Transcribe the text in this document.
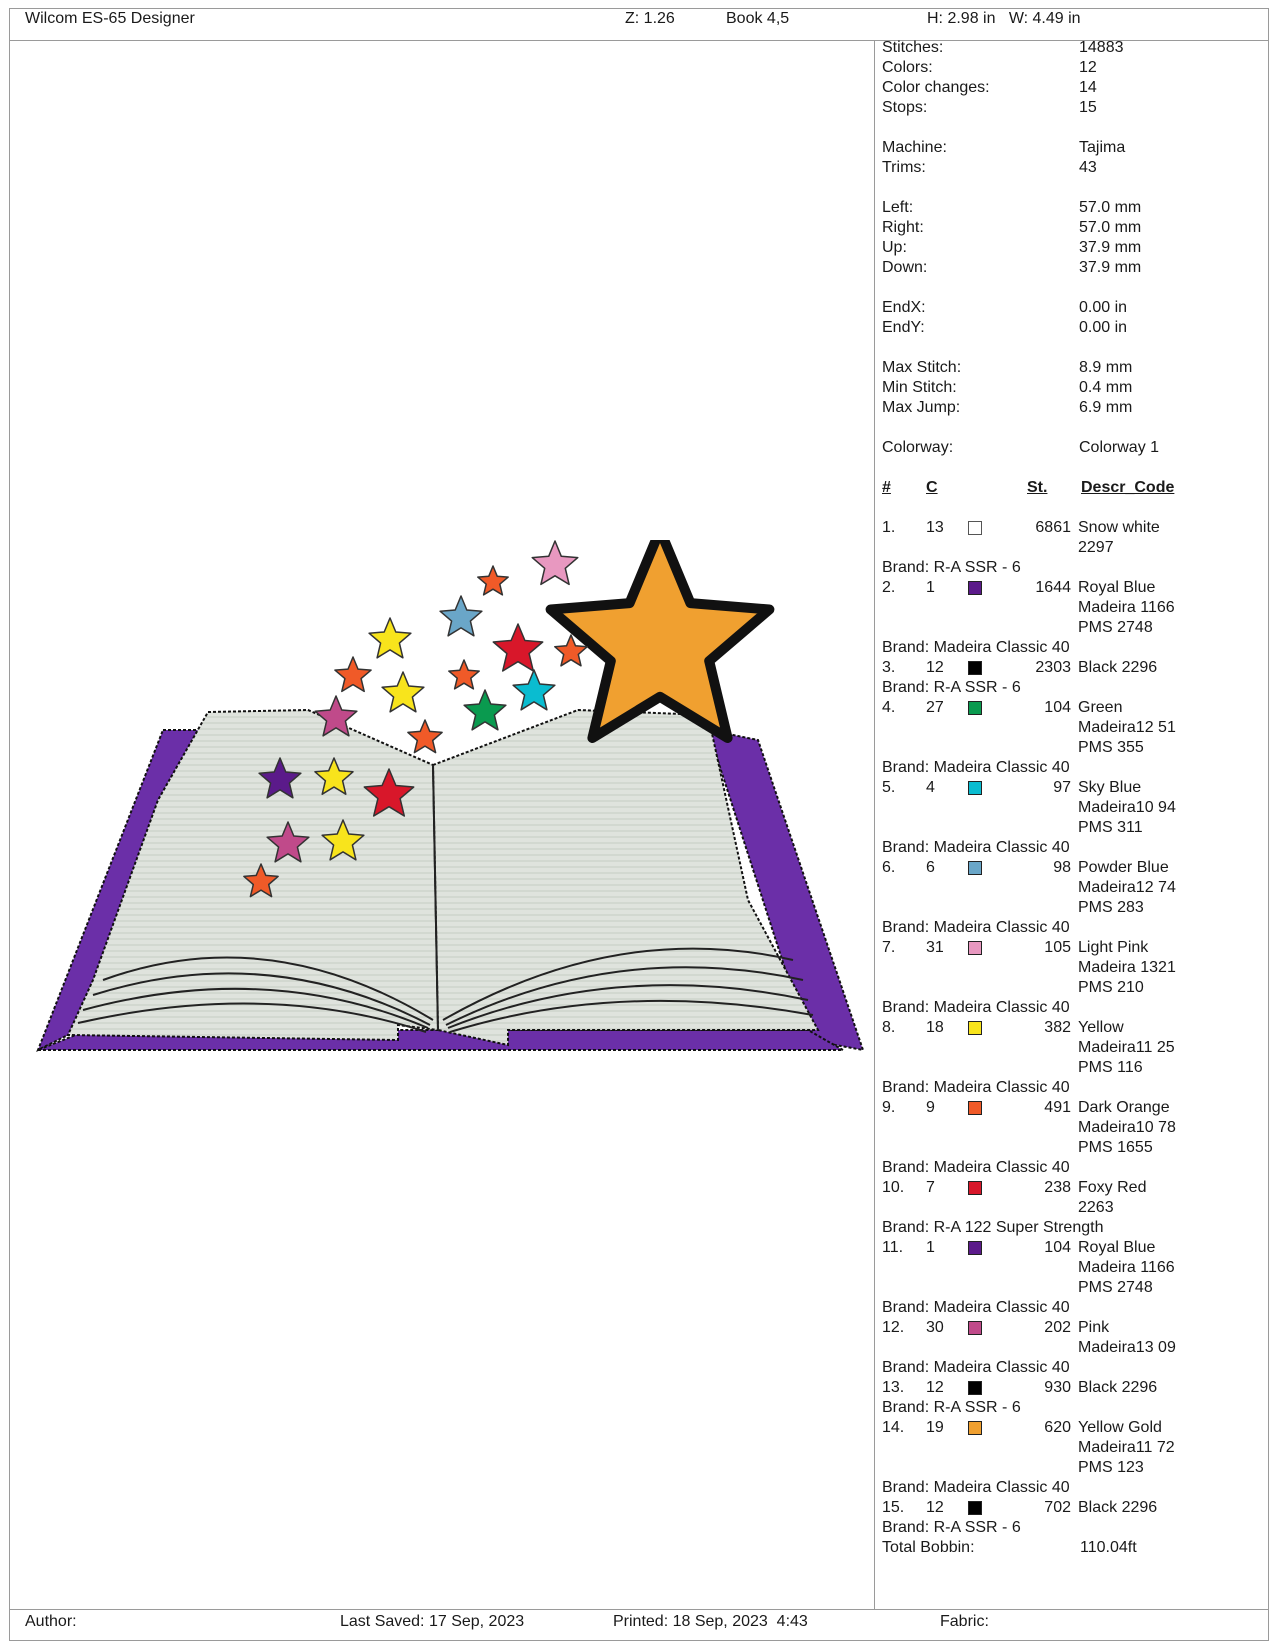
Wilcom ES-65 Designer	Z: 1.26	Book 4,5	H: 2.98 in   W: 4.49 in
Stitches:	14883
Colors:	12
Color changes:	14
Stops:	15
Machine:	Tajima
Trims:	43
Left:	57.0 mm
Right:	57.0 mm
Up:	37.9 mm
Down:	37.9 mm
EndX:	0.00 in
EndY:	0.00 in
Max Stitch:	8.9 mm
Min Stitch:	0.4 mm
Max Jump:	6.9 mm
Colorway:	Colorway 1
# C	St. Descr_Code
1. 13	6861 Snow white
2297
Brand: R-A SSR - 6
2. 1	1644 Royal Blue
Madeira 1166
PMS 2748
Brand: Madeira Classic 40
3. 12	2303 Black 2296
Brand: R-A SSR - 6
4. 27	104 Green
Madeira12 51
PMS 355
Brand: Madeira Classic 40
5. 4	97 Sky Blue
Madeira10 94
PMS 311
Brand: Madeira Classic 40
6. 6	98 Powder Blue
Madeira12 74
PMS 283
Brand: Madeira Classic 40
7. 31	105 Light Pink
Madeira 1321
PMS 210
Brand: Madeira Classic 40
8. 18	382 Yellow
Madeira11 25
PMS 116
Brand: Madeira Classic 40
9. 9	491 Dark Orange
Madeira10 78
PMS 1655
Brand: Madeira Classic 40
10. 7	238 Foxy Red
2263
Brand: R-A 122 Super Strength
11. 1	104 Royal Blue
Madeira 1166
PMS 2748
Brand: Madeira Classic 40
12. 30	202 Pink
Madeira13 09
Brand: Madeira Classic 40
13. 12	930 Black 2296
Brand: R-A SSR - 6
14. 19	620 Yellow Gold
Madeira11 72
PMS 123
Brand: Madeira Classic 40
15. 12	702 Black 2296
Brand: R-A SSR - 6
Total Bobbin:	110.04ft
Author:	Last Saved: 17 Sep, 2023	Printed: 18 Sep, 2023  4:43	Fabric:
